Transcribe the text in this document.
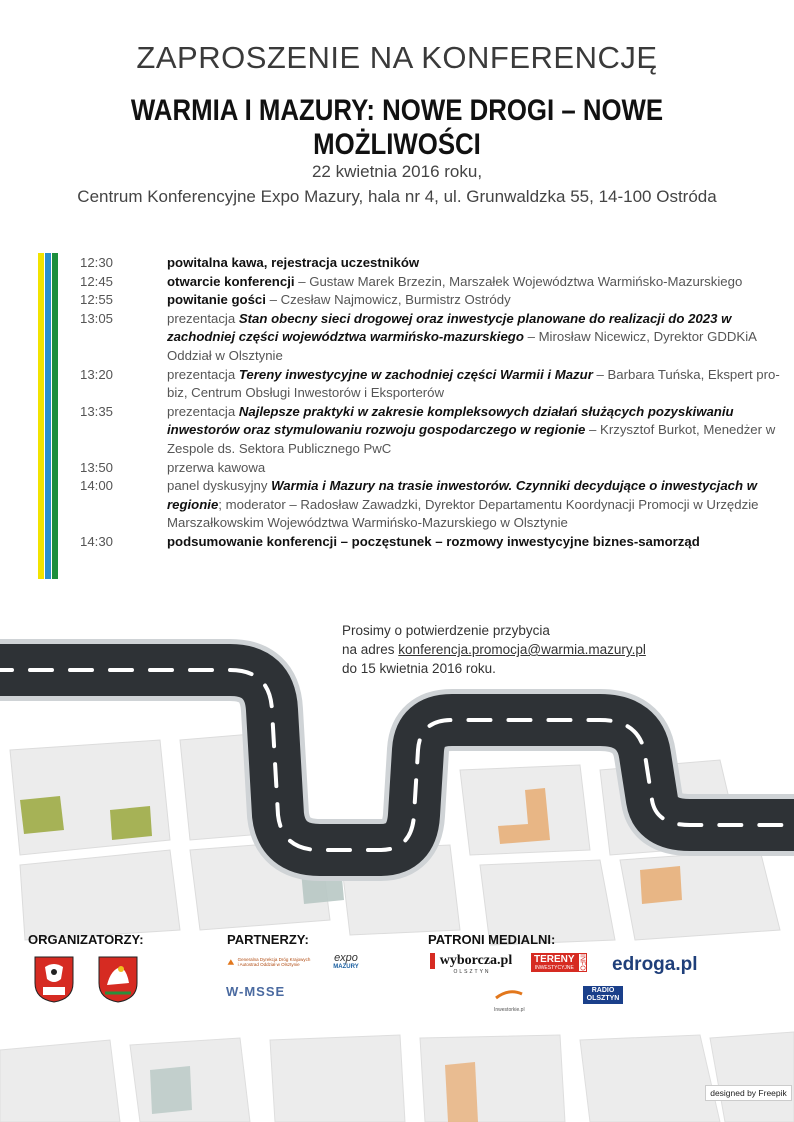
ZAPROSZENIE NA KONFERENCJĘ
WARMIA I MAZURY: NOWE DROGI – NOWE MOŻLIWOŚCI
22 kwietnia 2016 roku,
Centrum Konferencyjne Expo Mazury, hala nr 4, ul. Grunwaldzka 55, 14-100 Ostróda
12:30	powitalna kawa, rejestracja uczestników
12:45	otwarcie konferencji – Gustaw Marek Brzezin, Marszałek Województwa Warmińsko-Mazurskiego
12:55	powitanie gości – Czesław Najmowicz, Burmistrz Ostródy
13:05	prezentacja Stan obecny sieci drogowej oraz inwestycje planowane do realizacji do 2023 w zachodniej części województwa warmińsko-mazurskiego – Mirosław Nicewicz, Dyrektor GDDKiA Oddział w Olsztynie
13:20	prezentacja Tereny inwestycyjne w zachodniej części Warmii i Mazur – Barbara Tuńska, Ekspert pro-biz, Centrum Obsługi Inwestorów i Eksporterów
13:35	prezentacja Najlepsze praktyki w zakresie kompleksowych działań służących pozyskiwaniu inwestorów oraz stymulowaniu rozwoju gospodarczego w regionie – Krzysztof Burkot, Menedżer w Zespole ds. Sektora Publicznego PwC
13:50	przerwa kawowa
14:00	panel dyskusyjny Warmia i Mazury na trasie inwestorów. Czynniki decydujące o inwestycjach w regionie; moderator – Radosław Zawadzki, Dyrektor Departamentu Koordynacji Promocji w Urzędzie Marszałkowskim Województwa Warmińsko-Mazurskiego w Olsztynie
14:30	podsumowanie konferencji – poczęstunek – rozmowy inwestycyjne biznes-samorząd
Prosimy o potwierdzenie przybycia
na adres konferencja.promocja@warmia.mazury.pl
do 15 kwietnia 2016 roku.
ORGANIZATORZY:	PARTNERZY:	PATRONI MEDIALNI:
Generalna Dyrekcja Dróg Krajowych i Autostrad Oddział w Olsztynie
expo
MAZURY
W-MSSE
wyborcza.pl
OLSZTYN
TERENY
INWESTYCYJNE INFO edroga.pl
Inwestorkie.pl
RADIO
OLSZTYN
designed by Freepik
